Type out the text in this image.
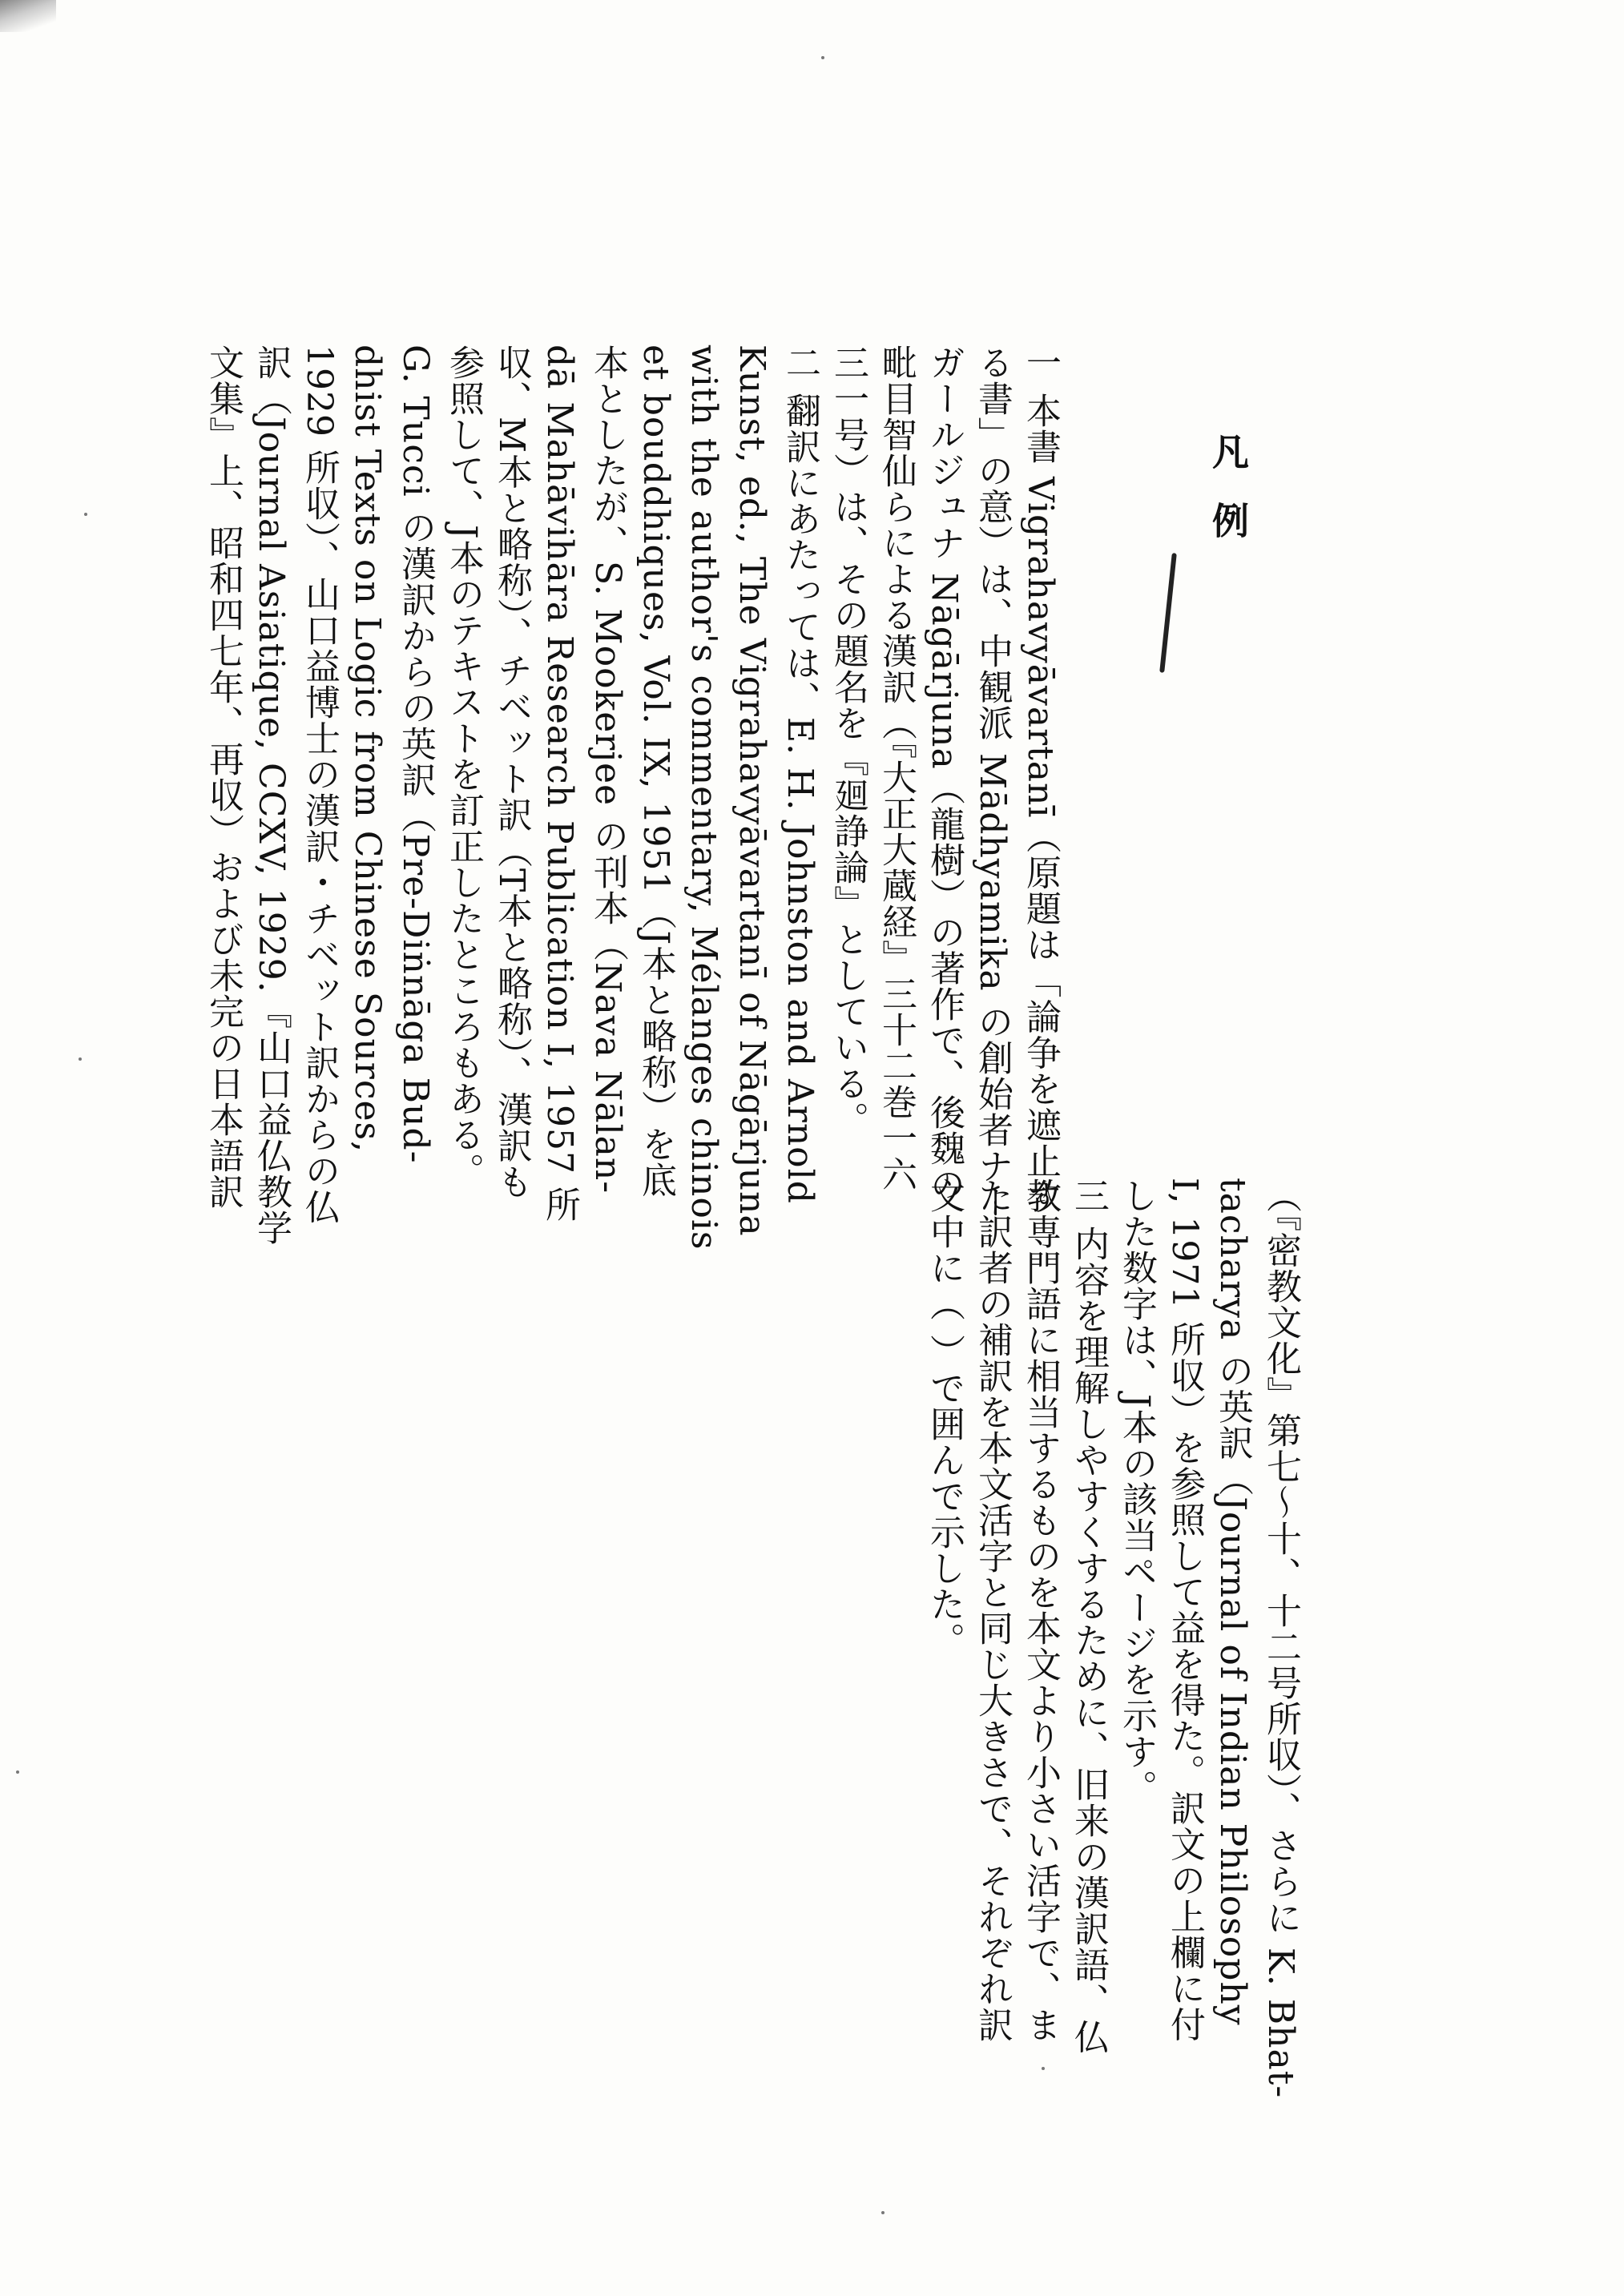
凡例
一 本書 Vigrahavyāvartanī（原題は「論争を遮止す
る書」の意）は、中観派 Mādhyamika の創始者ナー
ガールジュナ Nāgārjuna（龍樹）の著作で、後魏の
毗目智仙らによる漢訳（『大正大蔵経』三十二巻一六
三一号）は、その題名を『廻諍論』としている。
二 翻訳にあたっては、E. H. Johnston and Arnold
Kunst, ed., The Vigrahavyāvartanī of Nāgārjuna
with the author's commentary, Mélanges chinois
et bouddhiques, Vol. IX, 1951（J本と略称）を底
本としたが、S. Mookerjee の刊本（Nava Nālan-
dā Mahāvihāra Research Publication I, 1957 所
収、M本と略称）、チベット訳（T本と略称）、漢訳も
参照して、J本のテキストを訂正したところもある。
G. Tucci の漢訳からの英訳（Pre-Diṅnāga Bud-
dhist Texts on Logic from Chinese Sources,
1929 所収）、山口益博士の漢訳・チベット訳からの仏
訳（Journal Asiatique, CCXV, 1929.『山口益仏教学
文集』上、昭和四七年、再収）および未完の日本語訳
（『密教文化』第七〜十、十二号所収）、さらに K. Bhat-
tacharya の英訳（Journal of Indian Philosophy
I, 1971 所収）を参照して益を得た。訳文の上欄に付
した数字は、J本の該当ページを示す。
三 内容を理解しやすくするために、旧来の漢訳語、仏
教専門語に相当するものを本文より小さい活字で、ま
た訳者の補訳を本文活字と同じ大きさで、それぞれ訳
文中に（ ）で囲んで示した。
